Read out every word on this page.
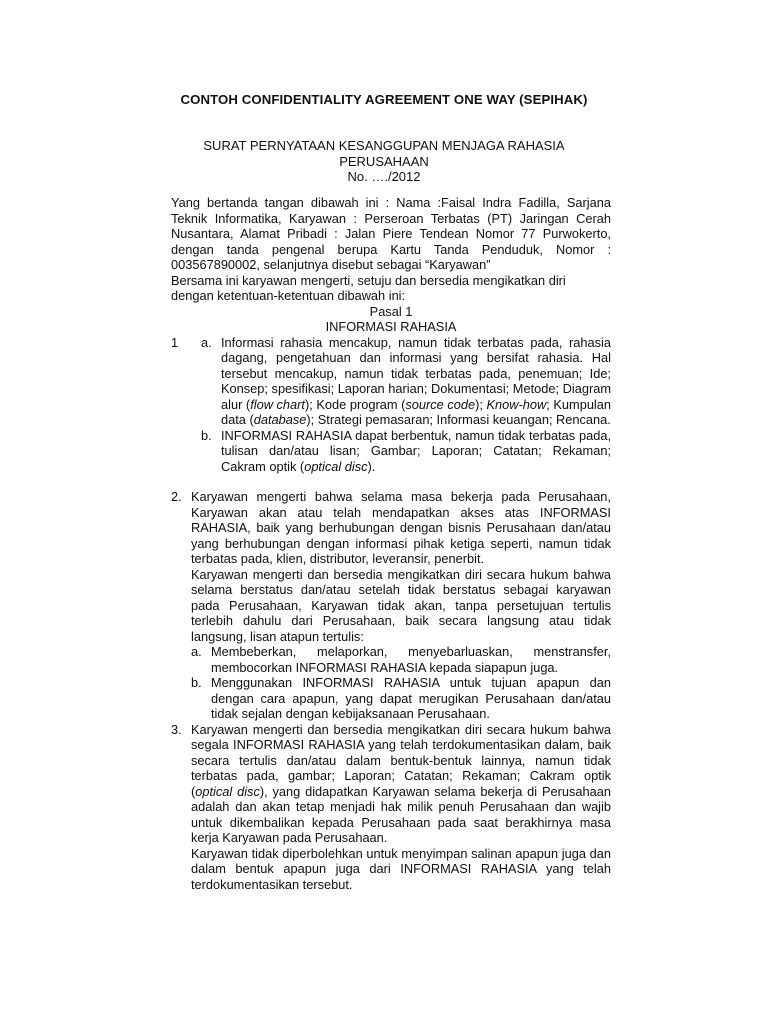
CONTOH CONFIDENTIALITY AGREEMENT ONE WAY (SEPIHAK)
SURAT PERNYATAAN KESANGGUPAN MENJAGA RAHASIA
PERUSAHAAN
No. …./2012
Yang bertanda tangan dibawah ini : Nama :Faisal Indra Fadilla, Sarjana Teknik Informatika, Karyawan : Perseroan Terbatas (PT) Jaringan Cerah Nusantara, Alamat Pribadi : Jalan Piere Tendean Nomor 77 Purwokerto, dengan tanda pengenal berupa Kartu Tanda Penduduk, Nomor : 003567890002, selanjutnya disebut sebagai “Karyawan”
Bersama ini karyawan mengerti, setuju dan bersedia mengikatkan diri dengan ketentuan-ketentuan dibawah ini:
Pasal 1
INFORMASI RAHASIA
1 a. Informasi rahasia mencakup, namun tidak terbatas pada, rahasia dagang, pengetahuan dan informasi yang bersifat rahasia. Hal tersebut mencakup, namun tidak terbatas pada, penemuan; Ide; Konsep; spesifikasi; Laporan harian; Dokumentasi; Metode; Diagram alur (flow chart); Kode program (source code); Know-how; Kumpulan data (database); Strategi pemasaran; Informasi keuangan; Rencana.
b. INFORMASI RAHASIA dapat berbentuk, namun tidak terbatas pada, tulisan dan/atau lisan; Gambar; Laporan; Catatan; Rekaman; Cakram optik (optical disc).
2. Karyawan mengerti bahwa selama masa bekerja pada Perusahaan, Karyawan akan atau telah mendapatkan akses atas INFORMASI RAHASIA, baik yang berhubungan dengan bisnis Perusahaan dan/atau yang berhubungan dengan informasi pihak ketiga seperti, namun tidak terbatas pada, klien, distributor, leveransir, penerbit.
Karyawan mengerti dan bersedia mengikatkan diri secara hukum bahwa selama berstatus dan/atau setelah tidak berstatus sebagai karyawan pada Perusahaan, Karyawan tidak akan, tanpa persetujuan tertulis terlebih dahulu dari Perusahaan, baik secara langsung atau tidak langsung, lisan atapun tertulis:
a. Membeberkan, melaporkan, menyebarluaskan, menstransfer, membocorkan INFORMASI RAHASIA kepada siapapun juga.
b. Menggunakan INFORMASI RAHASIA untuk tujuan apapun dan dengan cara apapun, yang dapat merugikan Perusahaan dan/atau tidak sejalan dengan kebijaksanaan Perusahaan.
3. Karyawan mengerti dan bersedia mengikatkan diri secara hukum bahwa segala INFORMASI RAHASIA yang telah terdokumentasikan dalam, baik secara tertulis dan/atau dalam bentuk-bentuk lainnya, namun tidak terbatas pada, gambar; Laporan; Catatan; Rekaman; Cakram optik (optical disc), yang didapatkan Karyawan selama bekerja di Perusahaan adalah dan akan tetap menjadi hak milik penuh Perusahaan dan wajib untuk dikembalikan kepada Perusahaan pada saat berakhirnya masa kerja Karyawan pada Perusahaan.
Karyawan tidak diperbolehkan untuk menyimpan salinan apapun juga dan dalam bentuk apapun juga dari INFORMASI RAHASIA yang telah terdokumentasikan tersebut.
